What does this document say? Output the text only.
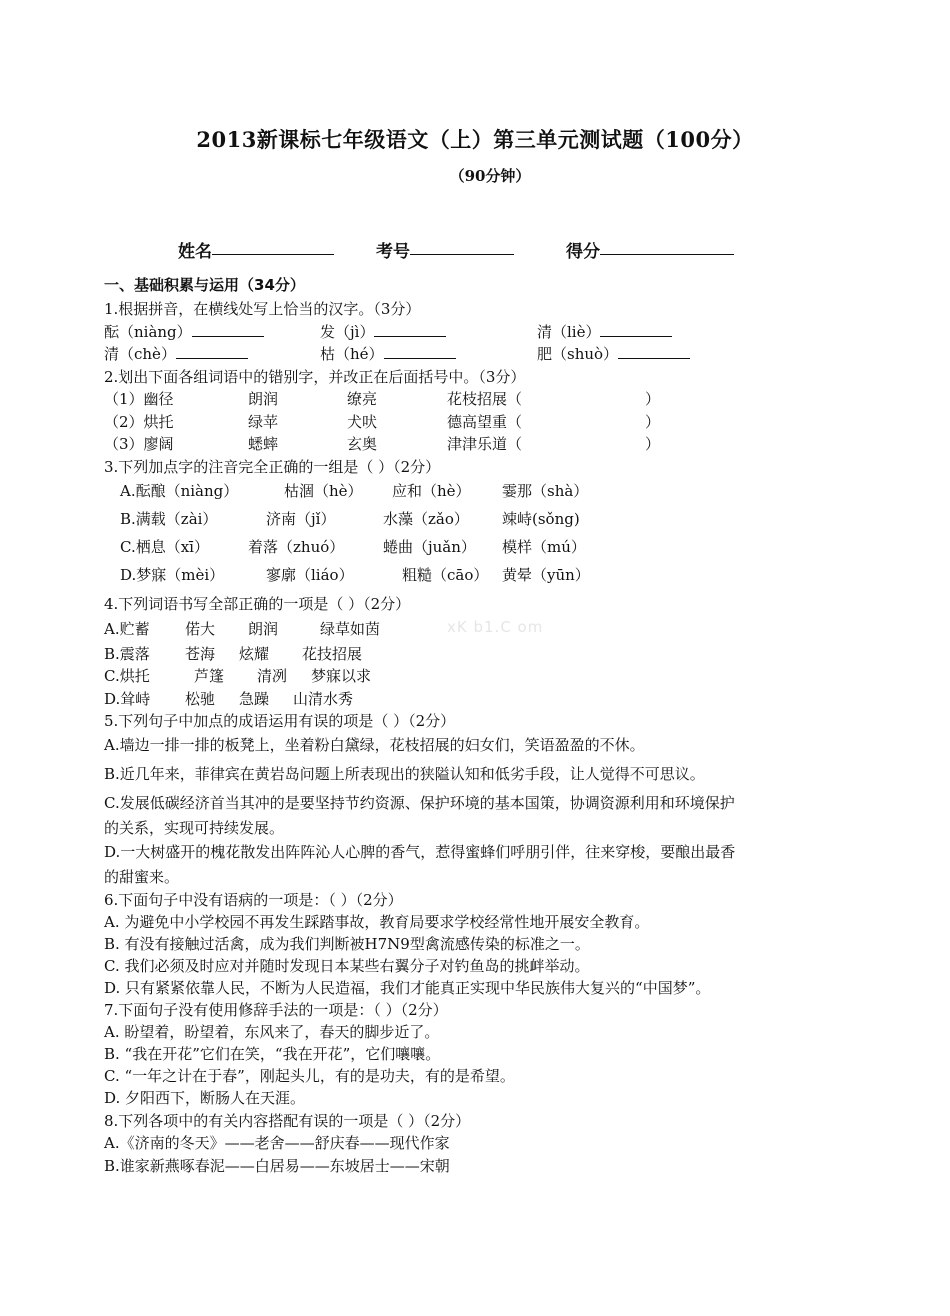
2013新课标七年级语文（上）第三单元测试题（100分）
（90分钟）
姓名	考号	得分
一、基础积累与运用（34分）
1.根据拼音，在横线处写上恰当的汉字。（3分）
酝（niàng）	发（jì）	清（liè）
清（chè）	枯（hé）	肥（shuò）
2.划出下面各组词语中的错别字，并改正在后面括号中。（3分）
（1）幽径	朗润	缭亮	花枝招展（	）
（2）烘托	绿苹	犬吠	德高望重（	）
（3）廖阔	蟋蟀	玄奥	津津乐道（	）
3.下列加点字的注音完全正确的一组是（ ）（2分）
A.酝酿（niàng）	枯涸（hè） 应和（hè） 霎那（shà）
B.满载（zài）	济南（jǐ）	水藻（zǎo） 竦峙(sǒng)
C.栖息（xī）	着落（zhuó）	蜷曲（juǎn） 模样（mú）
D.梦寐（mèi）	寥廓（liáo）	粗糙（cāo） 黄晕（yūn）
4.下列词语书写全部正确的一项是（ ）（2分）
A.贮蓄 偌大 朗润	绿草如茵	xK b1.C om
B.震落 苍海 炫耀 花技招展
C.烘托	芦篷 清冽 梦寐以求
D.耸峙 松驰 急躁 山清水秀
5.下列句子中加点的成语运用有误的项是（ ）（2分）
A.墙边一排一排的板凳上，坐着粉白黛绿，花枝招展的妇女们，笑语盈盈的不休。
B.近几年来，菲律宾在黄岩岛问题上所表现出的狭隘认知和低劣手段，让人觉得不可思议。
C.发展低碳经济首当其冲的是要坚持节约资源、保护环境的基本国策，协调资源利用和环境保护
的关系，实现可持续发展。
D.一大树盛开的槐花散发出阵阵沁人心脾的香气，惹得蜜蜂们呼朋引伴，往来穿梭，要酿出最香
的甜蜜来。
6.下面句子中没有语病的一项是：（ ）（2分）
A. 为避免中小学校园不再发生踩踏事故，教育局要求学校经常性地开展安全教育。
B. 有没有接触过活禽，成为我们判断被H7N9型禽流感传染的标准之一。
C. 我们必须及时应对并随时发现日本某些右翼分子对钓鱼岛的挑衅举动。
D. 只有紧紧依靠人民，不断为人民造福，我们才能真正实现中华民族伟大复兴的“中国梦”。
7.下面句子没有使用修辞手法的一项是：（ ）（2分）
A. 盼望着，盼望着，东风来了，春天的脚步近了。
B. “我在开花”它们在笑，“我在开花”，它们嚷嚷。
C. “一年之计在于春”，刚起头儿，有的是功夫，有的是希望。
D. 夕阳西下，断肠人在天涯。
8.下列各项中的有关内容搭配有误的一项是（ ）（2分）
A.《济南的冬天》——老舍——舒庆春——现代作家
B.谁家新燕啄春泥——白居易——东坡居士——宋朝
